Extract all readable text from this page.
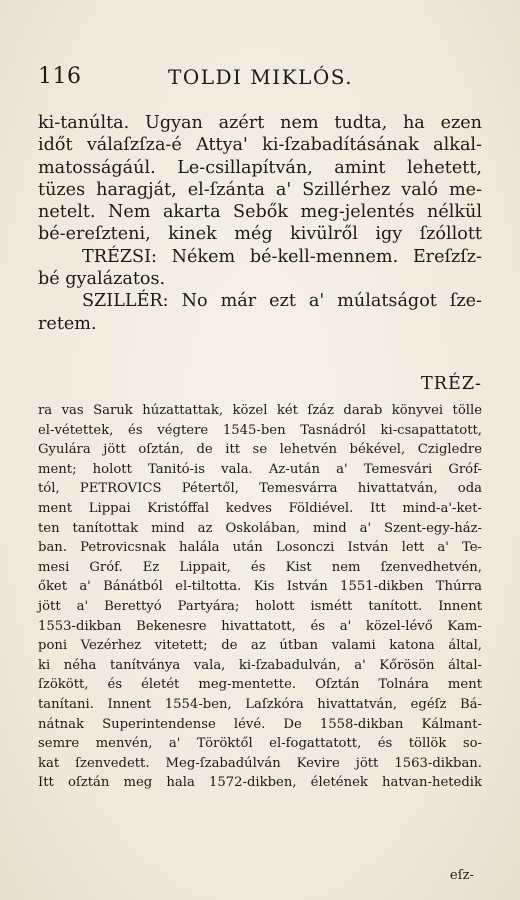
116	TOLDI MIKLÓS.
ki-tanúlta. Ugyan azért nem tudta, ha ezen
időt válaſzſza-é Attya' ki-ſzabadításának alkal-
matosságáúl. Le-csillapítván, amint lehetett,
tüzes haragját, el-ſzánta a' Szillérhez való me-
netelt. Nem akarta Sebők meg-jelentés nélkül
bé-ereſzteni, kinek még kivülről igy ſzóllott
TRÉZSI: Nékem bé-kell-mennem. Ereſzſz-
bé gyalázatos.
SZILLÉR: No már ezt a' múlatságot ſze-
retem.
TRÉZ-
ra vas Saruk húzattattak, közel két ſzáz darab könyvei tölle
el-vétettek, és végtere 1545-ben Tasnádról ki-csapattatott,
Gyulára jött oſztán, de itt se lehetvén békével, Czigledre
ment; holott Tanitó-is vala. Az-után a' Temesvári Gróf-
tól, PETROVICS Pétertől, Temesvárra hivattatván, oda
ment Lippai Kristóffal kedves Földiével. Itt mind-a'-ket-
ten tanítottak mind az Oskolában, mind a' Szent-egy-ház-
ban. Petrovicsnak halála után Losonczi István lett a' Te-
mesi Gróf. Ez Lippait, és Kist nem ſzenvedhetvén,
őket a' Bánátból el-tiltotta. Kis István 1551-dikben Thúrra
jött a' Berettyó Partyára; holott ismétt tanított. Innent
1553-dikban Bekenesre hivattatott, és a' közel-lévő Kam-
poni Vezérhez vitetett; de az útban valami katona által,
ki néha tanítványa vala, ki-ſzabadulván, a' Kőrösön által-
ſzökött, és életét meg-mentette. Oſztán Tolnára ment
tanítani. Innent 1554-ben, Laſzkóra hivattatván, egéſz Bá-
nátnak Superintendense lévé. De 1558-dikban Kálmant-
semre menvén, a' Töröktől el-fogattatott, és töllök so-
kat ſzenvedett. Meg-ſzabadúlván Kevire jött 1563-dikban.
Itt oſztán meg hala 1572-dikben, életének hatvan-hetedik
eſz-
